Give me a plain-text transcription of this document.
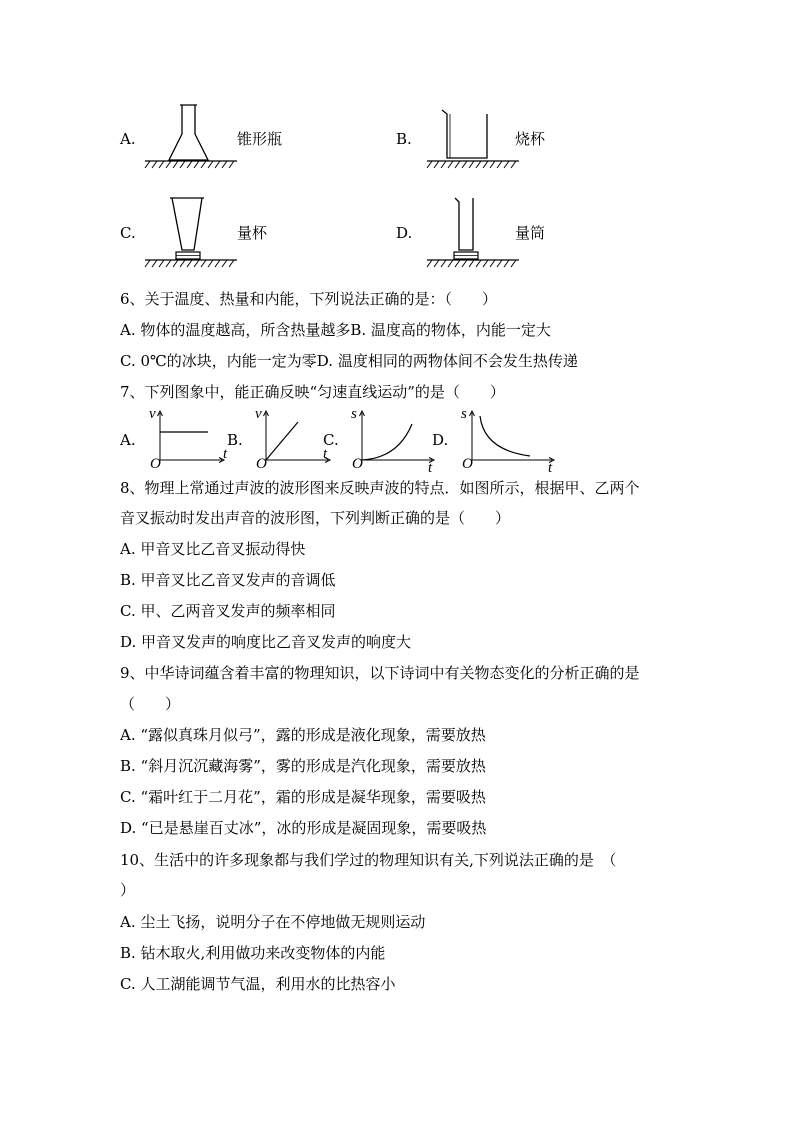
A.	锥形瓶	B.	烧杯
C.	量杯	D.	量筒
6、关于温度、热量和内能，下列说法正确的是：（　　）
A. 物体的温度越高，所含热量越多B. 温度高的物体，内能一定大
C. 0℃的冰块，内能一定为零D. 温度相同的两物体间不会发生热传递
7、下列图象中，能正确反映“匀速直线运动”的是（　　）
A.
v
t
O
B.
v
t
O
C.
s
t
O
D.
s
t
O
8、物理上常通过声波的波形图来反映声波的特点．如图所示，根据甲、乙两个
音叉振动时发出声音的波形图，下列判断正确的是（　　）
A. 甲音叉比乙音叉振动得快
B. 甲音叉比乙音叉发声的音调低
C. 甲、乙两音叉发声的频率相同
D. 甲音叉发声的响度比乙音叉发声的响度大
9、中华诗词蕴含着丰富的物理知识，以下诗词中有关物态变化的分析正确的是
（　　）
A. “露似真珠月似弓”，露的形成是液化现象，需要放热
B. “斜月沉沉藏海雾”，雾的形成是汽化现象，需要放热
C. “霜叶红于二月花”，霜的形成是凝华现象，需要吸热
D. “已是悬崖百丈冰”，冰的形成是凝固现象，需要吸热
10、生活中的许多现象都与我们学过的物理知识有关,下列说法正确的是　（
）
A. 尘土飞扬，说明分子在不停地做无规则运动
B. 钻木取火,利用做功来改变物体的内能
C. 人工湖能调节气温，利用水的比热容小
